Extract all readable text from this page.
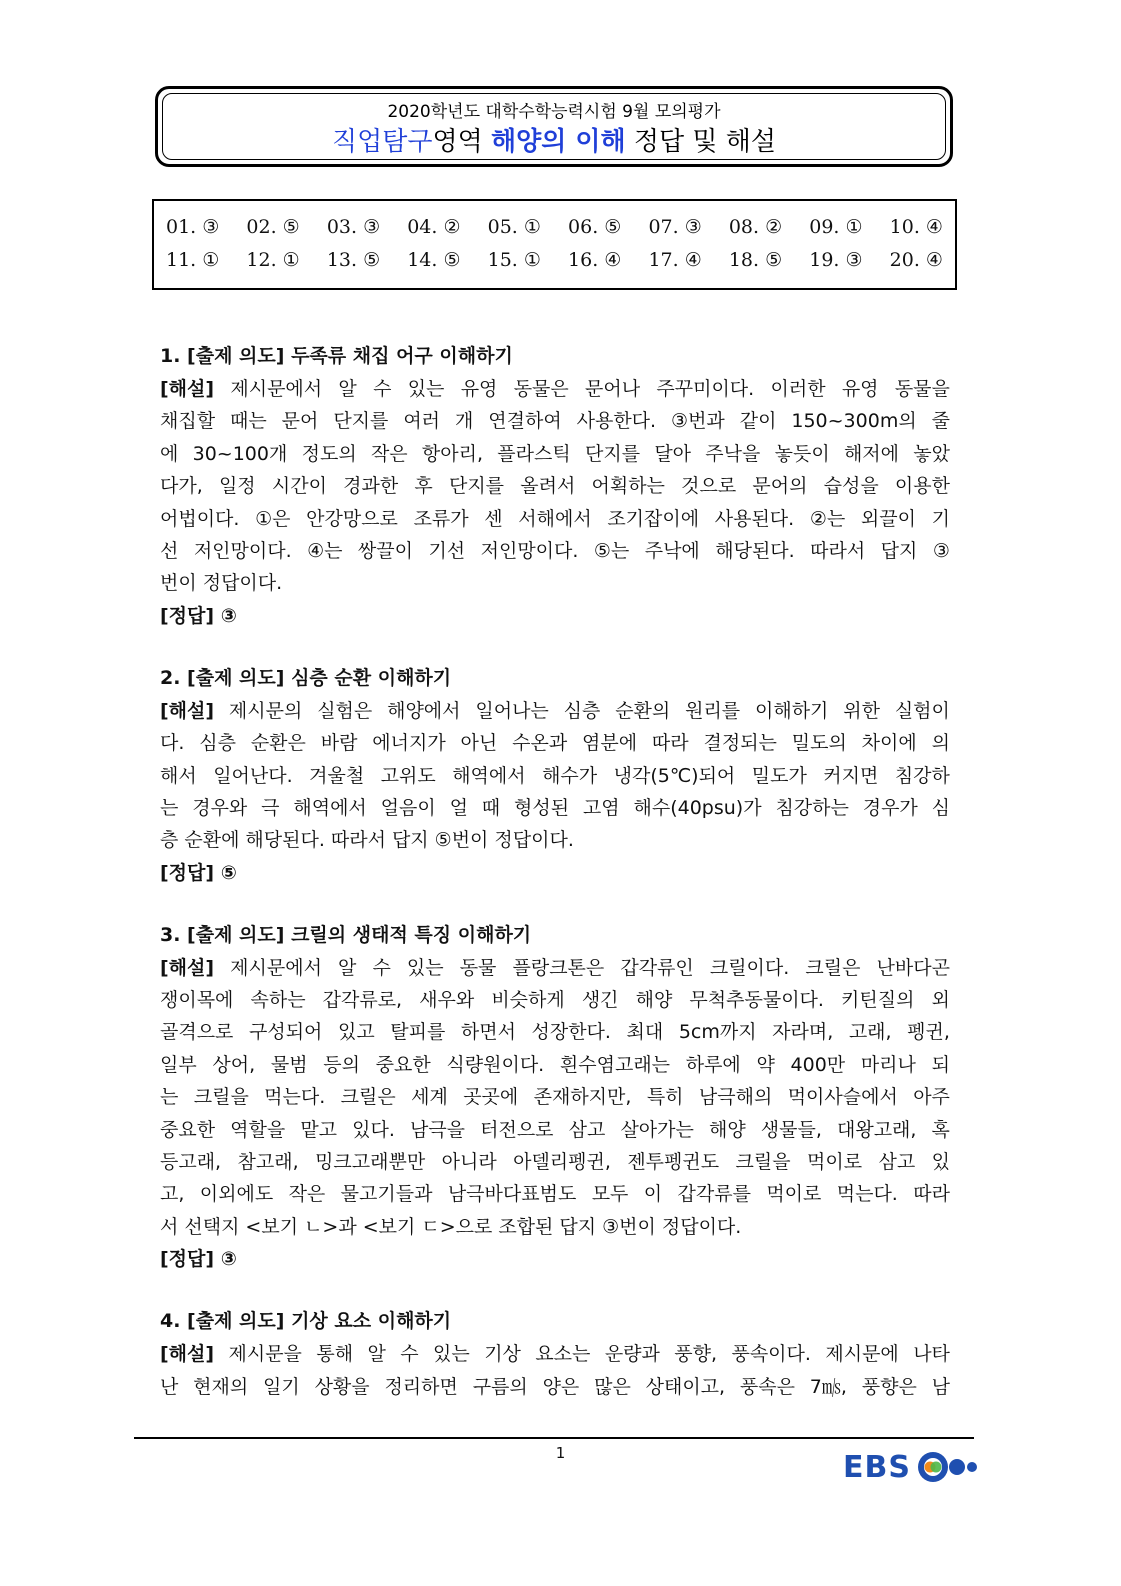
2020학년도 대학수학능력시험 9월 모의평가
직업탐구영역 해양의 이해 정답 및 해설
01. ③ 02. ⑤ 03. ③ 04. ② 05. ① 06. ⑤ 07. ③ 08. ② 09. ① 10. ④
11. ① 12. ① 13. ⑤ 14. ⑤ 15. ① 16. ④ 17. ④ 18. ⑤ 19. ③ 20. ④
1. [출제 의도] 두족류 채집 어구 이해하기
[해설] 제시문에서 알 수 있는 유영 동물은 문어나 주꾸미이다. 이러한 유영 동물을
채집할 때는 문어 단지를 여러 개 연결하여 사용한다. ③번과 같이 150~300m의 줄
에 30~100개 정도의 작은 항아리, 플라스틱 단지를 달아 주낙을 놓듯이 해저에 놓았
다가, 일정 시간이 경과한 후 단지를 올려서 어획하는 것으로 문어의 습성을 이용한
어법이다. ①은 안강망으로 조류가 센 서해에서 조기잡이에 사용된다. ②는 외끌이 기
선 저인망이다. ④는 쌍끌이 기선 저인망이다. ⑤는 주낙에 해당된다. 따라서 답지 ③
번이 정답이다.
[정답] ③
2. [출제 의도] 심층 순환 이해하기
[해설] 제시문의 실험은 해양에서 일어나는 심층 순환의 원리를 이해하기 위한 실험이
다. 심층 순환은 바람 에너지가 아닌 수온과 염분에 따라 결정되는 밀도의 차이에 의
해서 일어난다. 겨울철 고위도 해역에서 해수가 냉각(5℃)되어 밀도가 커지면 침강하
는 경우와 극 해역에서 얼음이 얼 때 형성된 고염 해수(40psu)가 침강하는 경우가 심
층 순환에 해당된다. 따라서 답지 ⑤번이 정답이다.
[정답] ⑤
3. [출제 의도] 크릴의 생태적 특징 이해하기
[해설] 제시문에서 알 수 있는 동물 플랑크톤은 갑각류인 크릴이다. 크릴은 난바다곤
쟁이목에 속하는 갑각류로, 새우와 비슷하게 생긴 해양 무척추동물이다. 키틴질의 외
골격으로 구성되어 있고 탈피를 하면서 성장한다. 최대 5cm까지 자라며, 고래, 펭귄,
일부 상어, 물범 등의 중요한 식량원이다. 흰수염고래는 하루에 약 400만 마리나 되
는 크릴을 먹는다. 크릴은 세계 곳곳에 존재하지만, 특히 남극해의 먹이사슬에서 아주
중요한 역할을 맡고 있다. 남극을 터전으로 삼고 살아가는 해양 생물들, 대왕고래, 혹
등고래, 참고래, 밍크고래뿐만 아니라 아델리펭귄, 젠투펭귄도 크릴을 먹이로 삼고 있
고, 이외에도 작은 물고기들과 남극바다표범도 모두 이 갑각류를 먹이로 먹는다. 따라
서 선택지 <보기 ㄴ>과 <보기 ㄷ>으로 조합된 답지 ③번이 정답이다.
[정답] ③
4. [출제 의도] 기상 요소 이해하기
[해설] 제시문을 통해 알 수 있는 기상 요소는 운량과 풍향, 풍속이다. 제시문에 나타
난 현재의 일기 상황을 정리하면 구름의 양은 많은 상태이고, 풍속은 7㎧, 풍향은 남
1	EBS
